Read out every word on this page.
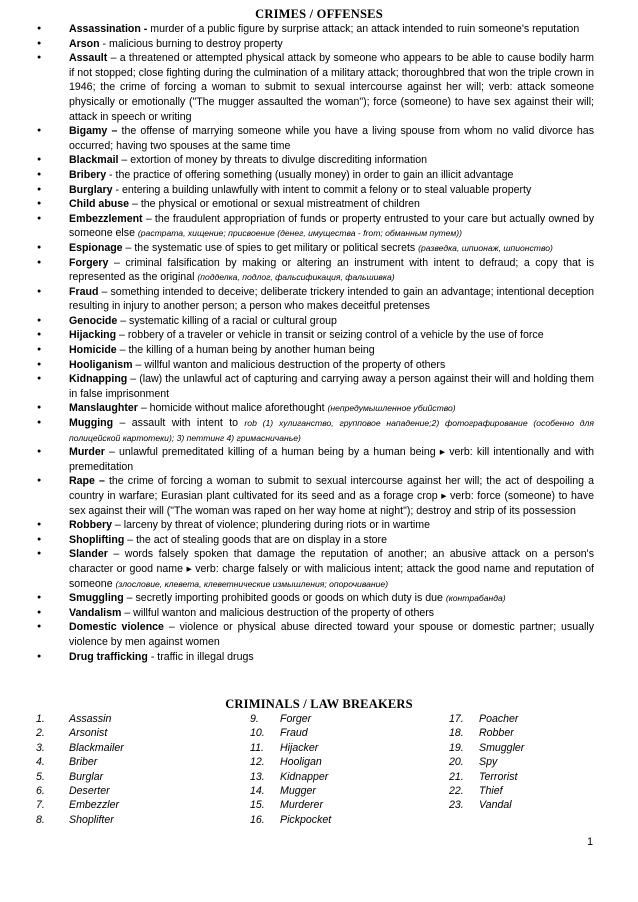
CRIMES / OFFENSES
● Assassination - murder of a public figure by surprise attack; an attack intended to ruin someone's reputation
● Arson - malicious burning to destroy property
● Assault – a threatened or attempted physical attack by someone who appears to be able to cause bodily harm if not stopped; close fighting during the culmination of a military attack; thoroughbred that won the triple crown in 1946; the crime of forcing a woman to submit to sexual intercourse against her will; verb: attack someone physically or emotionally ("The mugger assaulted the woman"); force (someone) to have sex against their will; attack in speech or writing
● Bigamy – the offense of marrying someone while you have a living spouse from whom no valid divorce has occurred; having two spouses at the same time
● Blackmail – extortion of money by threats to divulge discrediting information
● Bribery - the practice of offering something (usually money) in order to gain an illicit advantage
● Burglary - entering a building unlawfully with intent to commit a felony or to steal valuable property
● Child abuse – the physical or emotional or sexual mistreatment of children
● Embezzlement – the fraudulent appropriation of funds or property entrusted to your care but actually owned by someone else (растрата, хищение; присвоение (денег, имущества - from; обманным путем))
● Espionage – the systematic use of spies to get military or political secrets (разведка, шпионаж, шпионство)
● Forgery – criminal falsification by making or altering an instrument with intent to defraud; a copy that is represented as the original (подделка, подлог, фальсификация, фальшивка)
● Fraud – something intended to deceive; deliberate trickery intended to gain an advantage; intentional deception resulting in injury to another person; a person who makes deceitful pretenses
● Genocide – systematic killing of a racial or cultural group
● Hijacking – robbery of a traveler or vehicle in transit or seizing control of a vehicle by the use of force
● Homicide – the killing of a human being by another human being
● Hooliganism – willful wanton and malicious destruction of the property of others
● Kidnapping – (law) the unlawful act of capturing and carrying away a person against their will and holding them in false imprisonment
● Manslaughter – homicide without malice aforethought (непредумышленное убийство)
● Mugging – assault with intent to rob (1) хулиганство, групповое нападение;2) фотографирование (особенно для полицейской картотеки); 3) петтинг 4) гримасничанье)
● Murder – unlawful premeditated killing of a human being by a human being ▸ verb: kill intentionally and with premeditation
● Rape – the crime of forcing a woman to submit to sexual intercourse against her will; the act of despoiling a country in warfare; Eurasian plant cultivated for its seed and as a forage crop ▸ verb: force (someone) to have sex against their will ("The woman was raped on her way home at night"); destroy and strip of its possession
● Robbery – larceny by threat of violence; plundering during riots or in wartime
● Shoplifting – the act of stealing goods that are on display in a store
● Slander – words falsely spoken that damage the reputation of another; an abusive attack on a person's character or good name ▸ verb: charge falsely or with malicious intent; attack the good name and reputation of someone (злословие, клевета, клеветнические измышления; опорочивание)
● Smuggling – secretly importing prohibited goods or goods on which duty is due (контрабанда)
● Vandalism – willful wanton and malicious destruction of the property of others
● Domestic violence – violence or physical abuse directed toward your spouse or domestic partner; usually violence by men against women
● Drug trafficking - traffic in illegal drugs
CRIMINALS / LAW BREAKERS
1. Assassin
2. Arsonist
3. Blackmailer
4. Briber
5. Burglar
6. Deserter
7. Embezzler
8. Shoplifter
9. Forger
10. Fraud
11. Hijacker
12. Hooligan
13. Kidnapper
14. Mugger
15. Murderer
16. Pickpocket
17. Poacher
18. Robber
19. Smuggler
20. Spy
21. Terrorist
22. Thief
23. Vandal
1
